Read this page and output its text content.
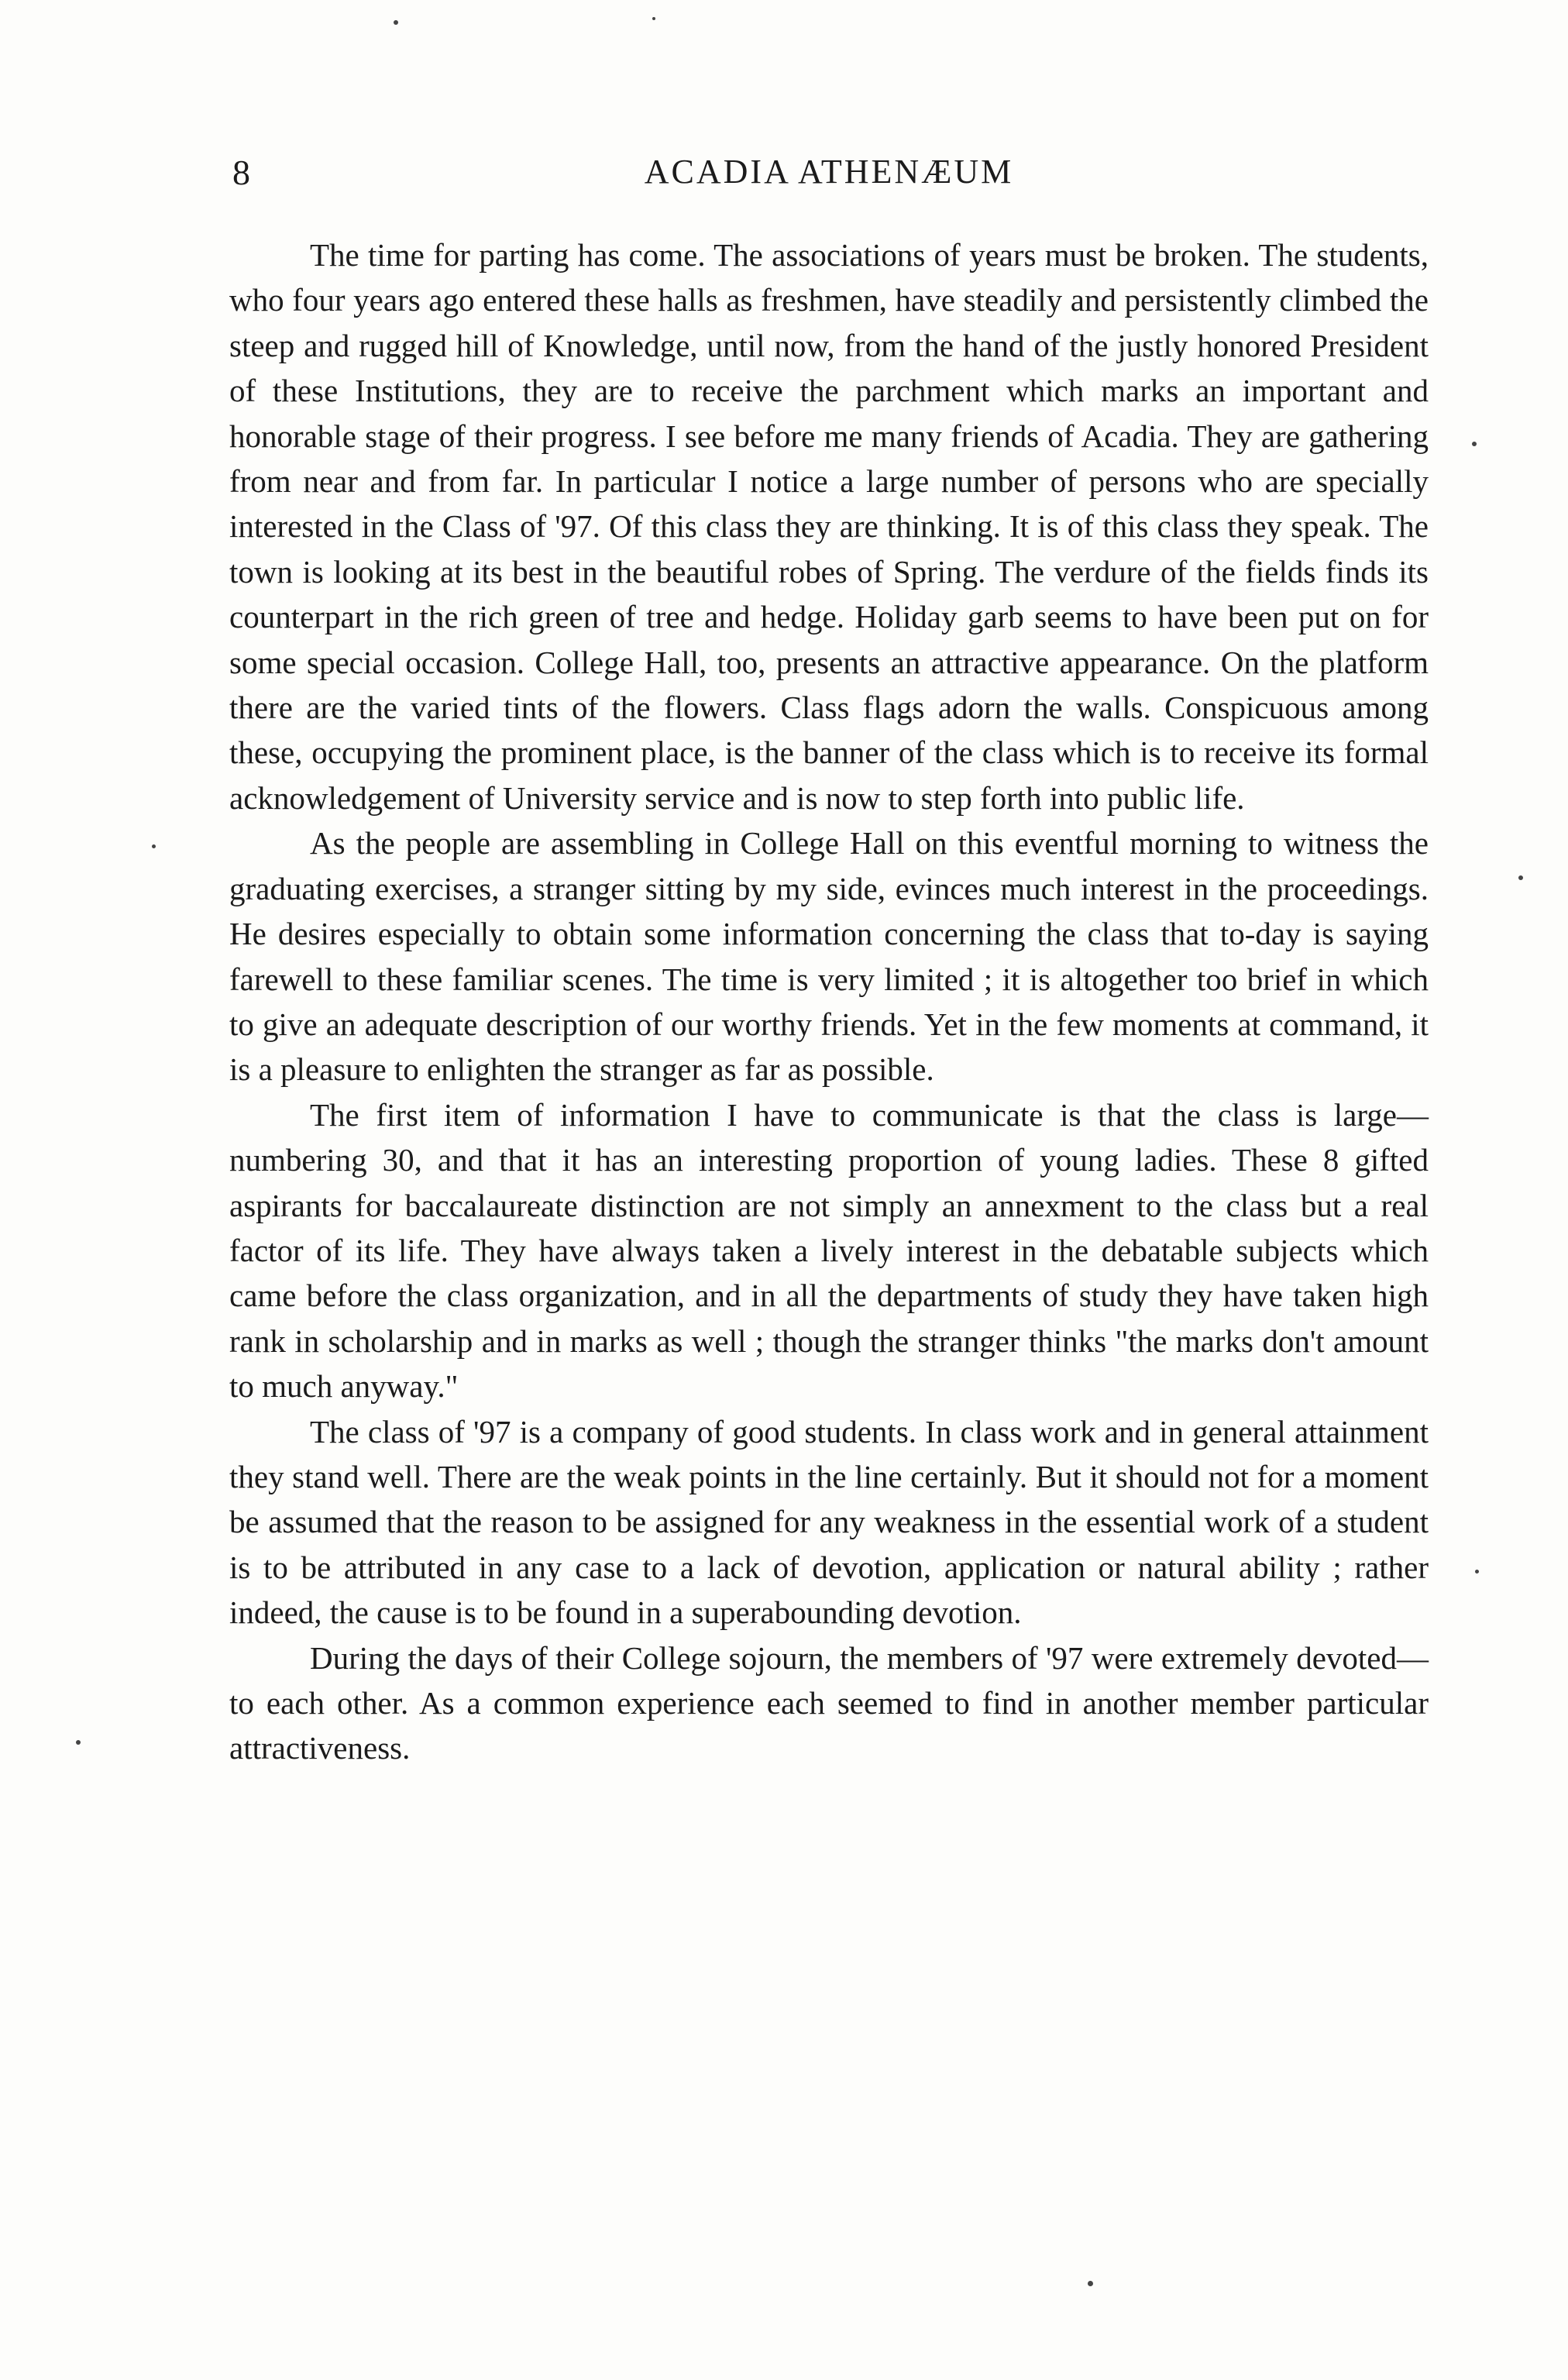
8	ACADIA ATHENÆUM

The time for parting has come. The associations of years must be broken. The students, who four years ago entered these halls as freshmen, have steadily and persistently climbed the steep and rugged hill of Knowledge, until now, from the hand of the justly honored President of these Institutions, they are to receive the parchment which marks an important and honorable stage of their progress. I see before me many friends of Acadia. They are gathering from near and from far. In particular I notice a large number of persons who are specially interested in the Class of '97. Of this class they are thinking. It is of this class they speak. The town is looking at its best in the beautiful robes of Spring. The verdure of the fields finds its counterpart in the rich green of tree and hedge. Holiday garb seems to have been put on for some special occasion. College Hall, too, presents an attractive appearance. On the platform there are the varied tints of the flowers. Class flags adorn the walls. Conspicuous among these, occupying the prominent place, is the banner of the class which is to receive its formal acknowledgement of University service and is now to step forth into public life.

As the people are assembling in College Hall on this eventful morning to witness the graduating exercises, a stranger sitting by my side, evinces much interest in the proceedings. He desires especially to obtain some information concerning the class that to-day is saying farewell to these familiar scenes. The time is very limited ; it is altogether too brief in which to give an adequate description of our worthy friends. Yet in the few moments at command, it is a pleasure to enlighten the stranger as far as possible.

The first item of information I have to communicate is that the class is large—numbering 30, and that it has an interesting proportion of young ladies. These 8 gifted aspirants for baccalaureate distinction are not simply an annexment to the class but a real factor of its life. They have always taken a lively interest in the debatable subjects which came before the class organization, and in all the departments of study they have taken high rank in scholarship and in marks as well ; though the stranger thinks "the marks don't amount to much anyway."

The class of '97 is a company of good students. In class work and in general attainment they stand well. There are the weak points in the line certainly. But it should not for a moment be assumed that the reason to be assigned for any weakness in the essential work of a student is to be attributed in any case to a lack of devotion, application or natural ability ; rather indeed, the cause is to be found in a superabounding devotion.

During the days of their College sojourn, the members of '97 were extremely devoted—to each other. As a common experience each seemed to find in another member particular attractiveness.
